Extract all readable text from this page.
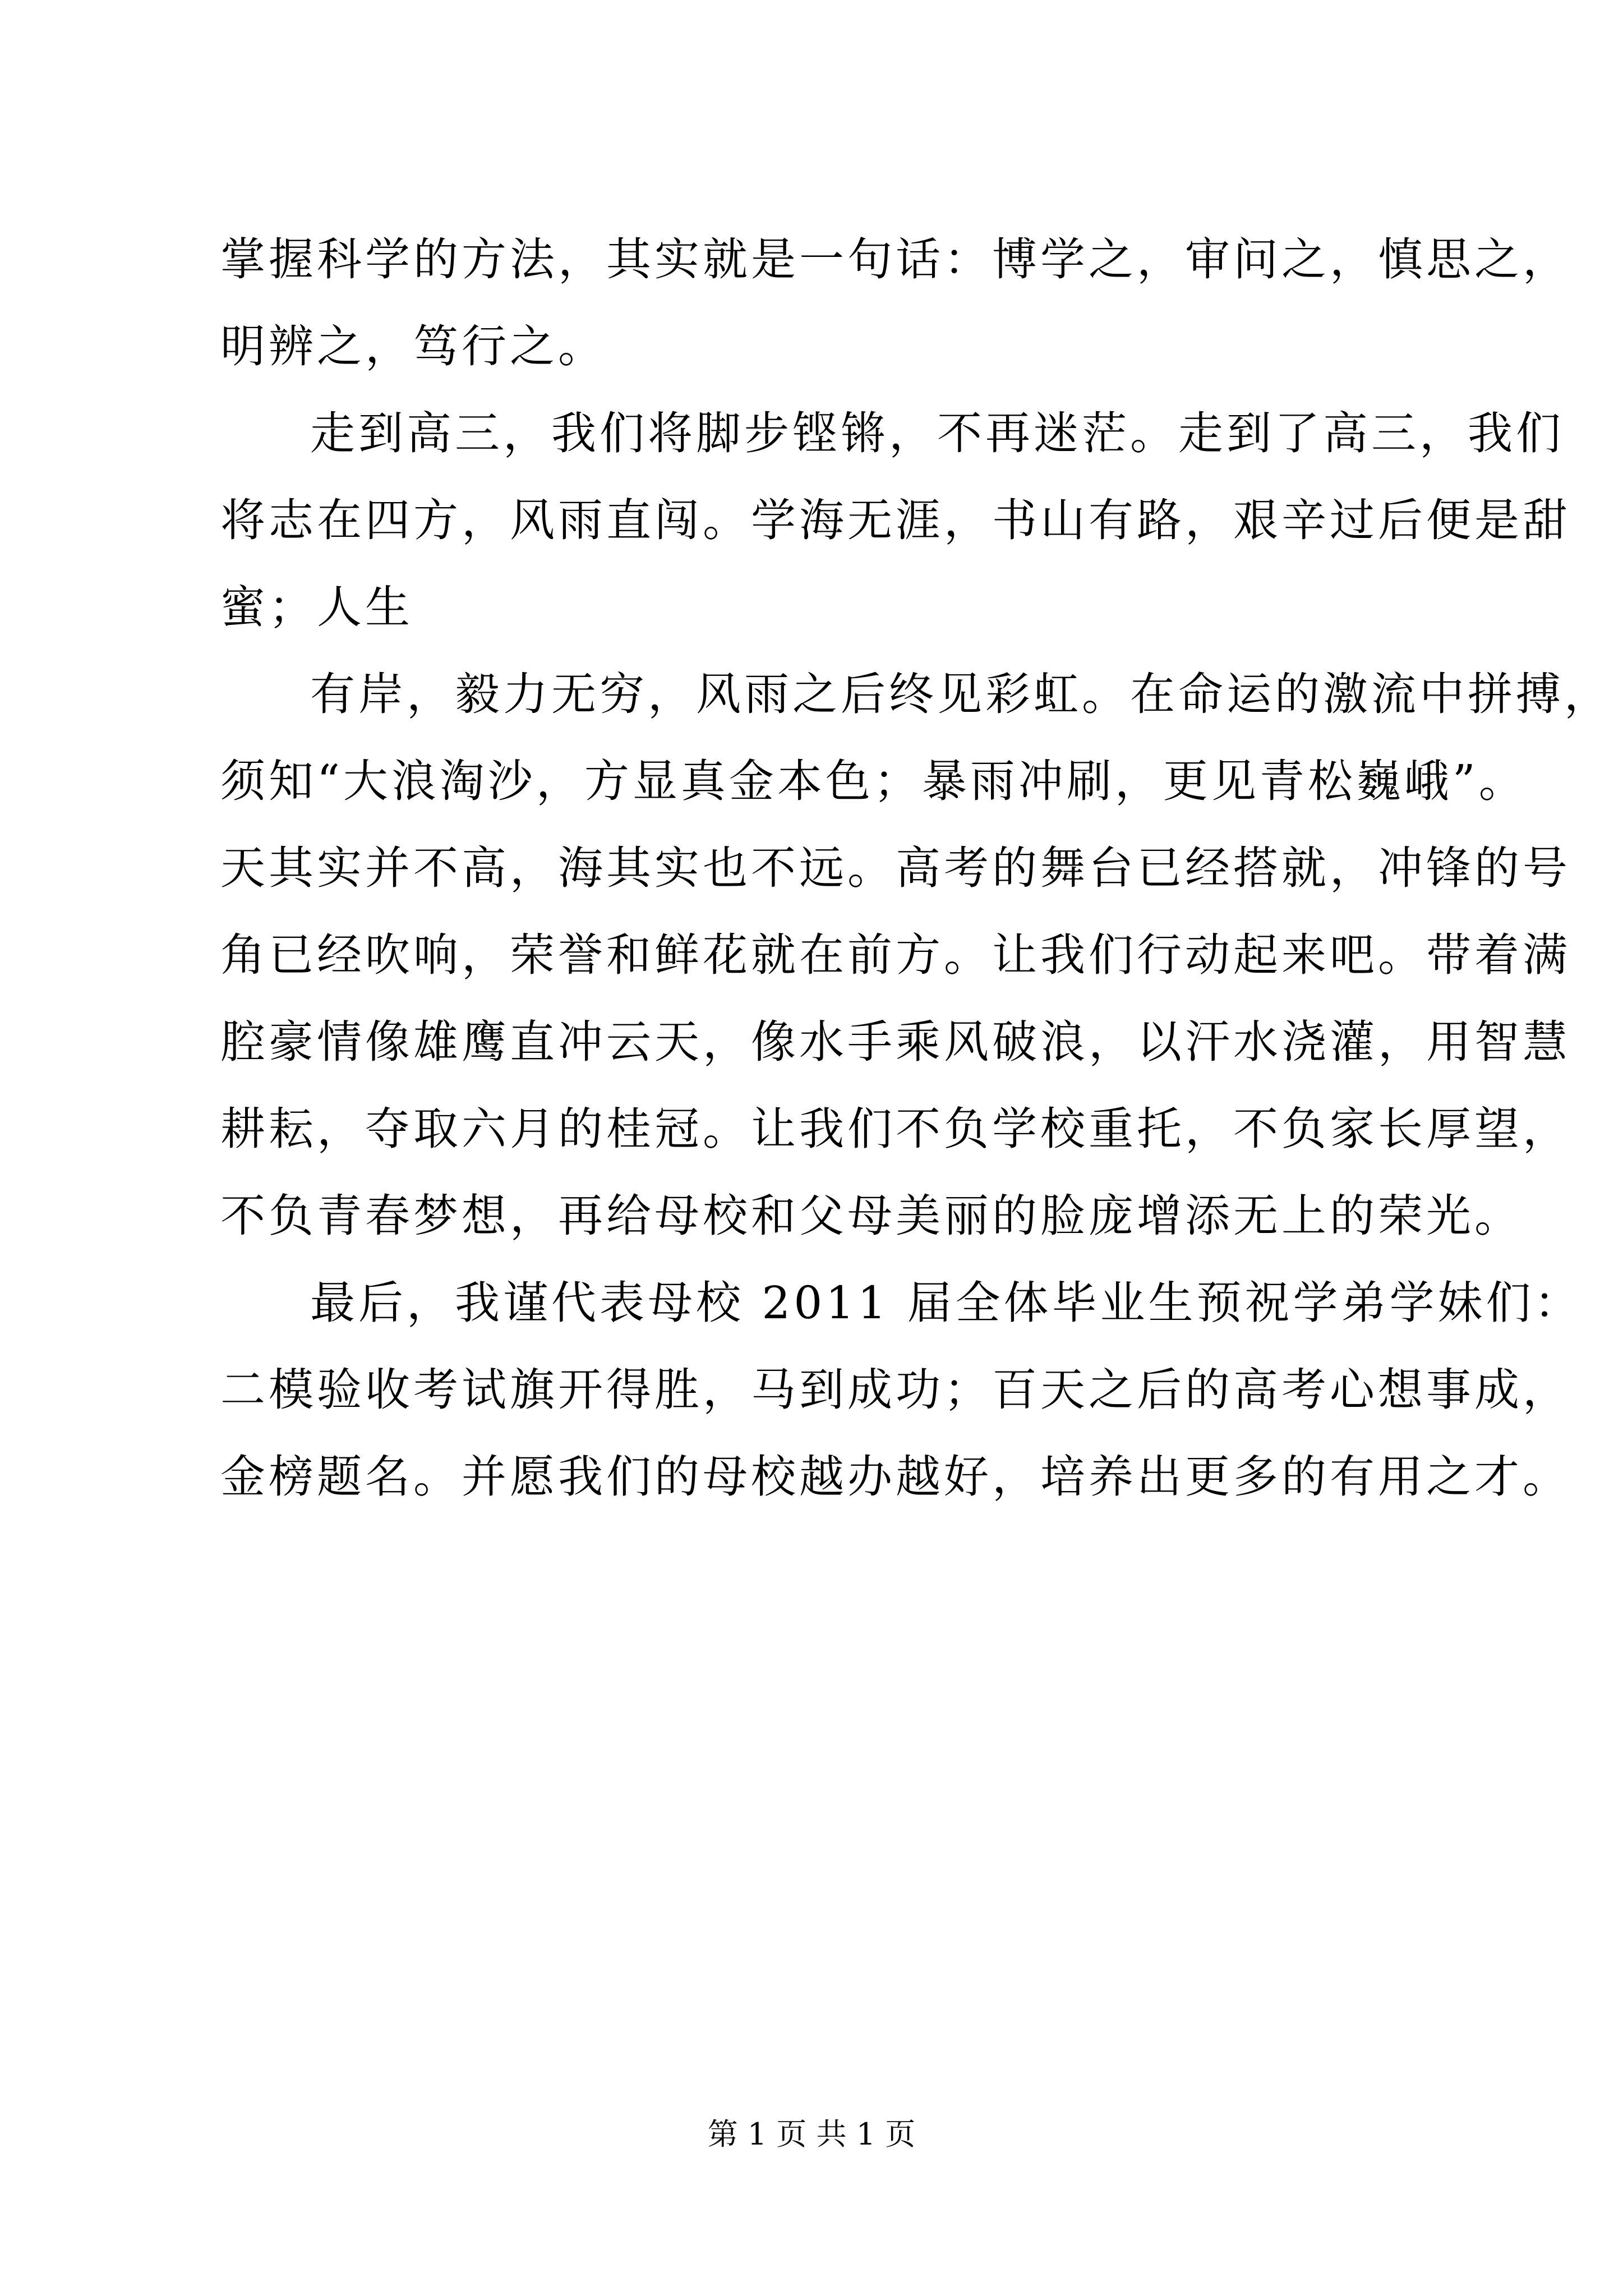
掌握科学的方法，其实就是一句话：博学之，审问之，慎思之，
明辨之，笃行之。
走到高三，我们将脚步铿锵，不再迷茫。走到了高三，我们
将志在四方，风雨直闯。学海无涯，书山有路，艰辛过后便是甜
蜜；人生
有岸，毅力无穷，风雨之后终见彩虹。在命运的激流中拼搏，
须知“大浪淘沙，方显真金本色；暴雨冲刷，更见青松巍峨”。
天其实并不高，海其实也不远。高考的舞台已经搭就，冲锋的号
角已经吹响，荣誉和鲜花就在前方。让我们行动起来吧。带着满
腔豪情像雄鹰直冲云天，像水手乘风破浪，以汗水浇灌，用智慧
耕耘，夺取六月的桂冠。让我们不负学校重托，不负家长厚望，
不负青春梦想，再给母校和父母美丽的脸庞增添无上的荣光。
最后，我谨代表母校 2011 届全体毕业生预祝学弟学妹们：
二模验收考试旗开得胜，马到成功；百天之后的高考心想事成，
金榜题名。并愿我们的母校越办越好，培养出更多的有用之才。
第 1 页 共 1 页
